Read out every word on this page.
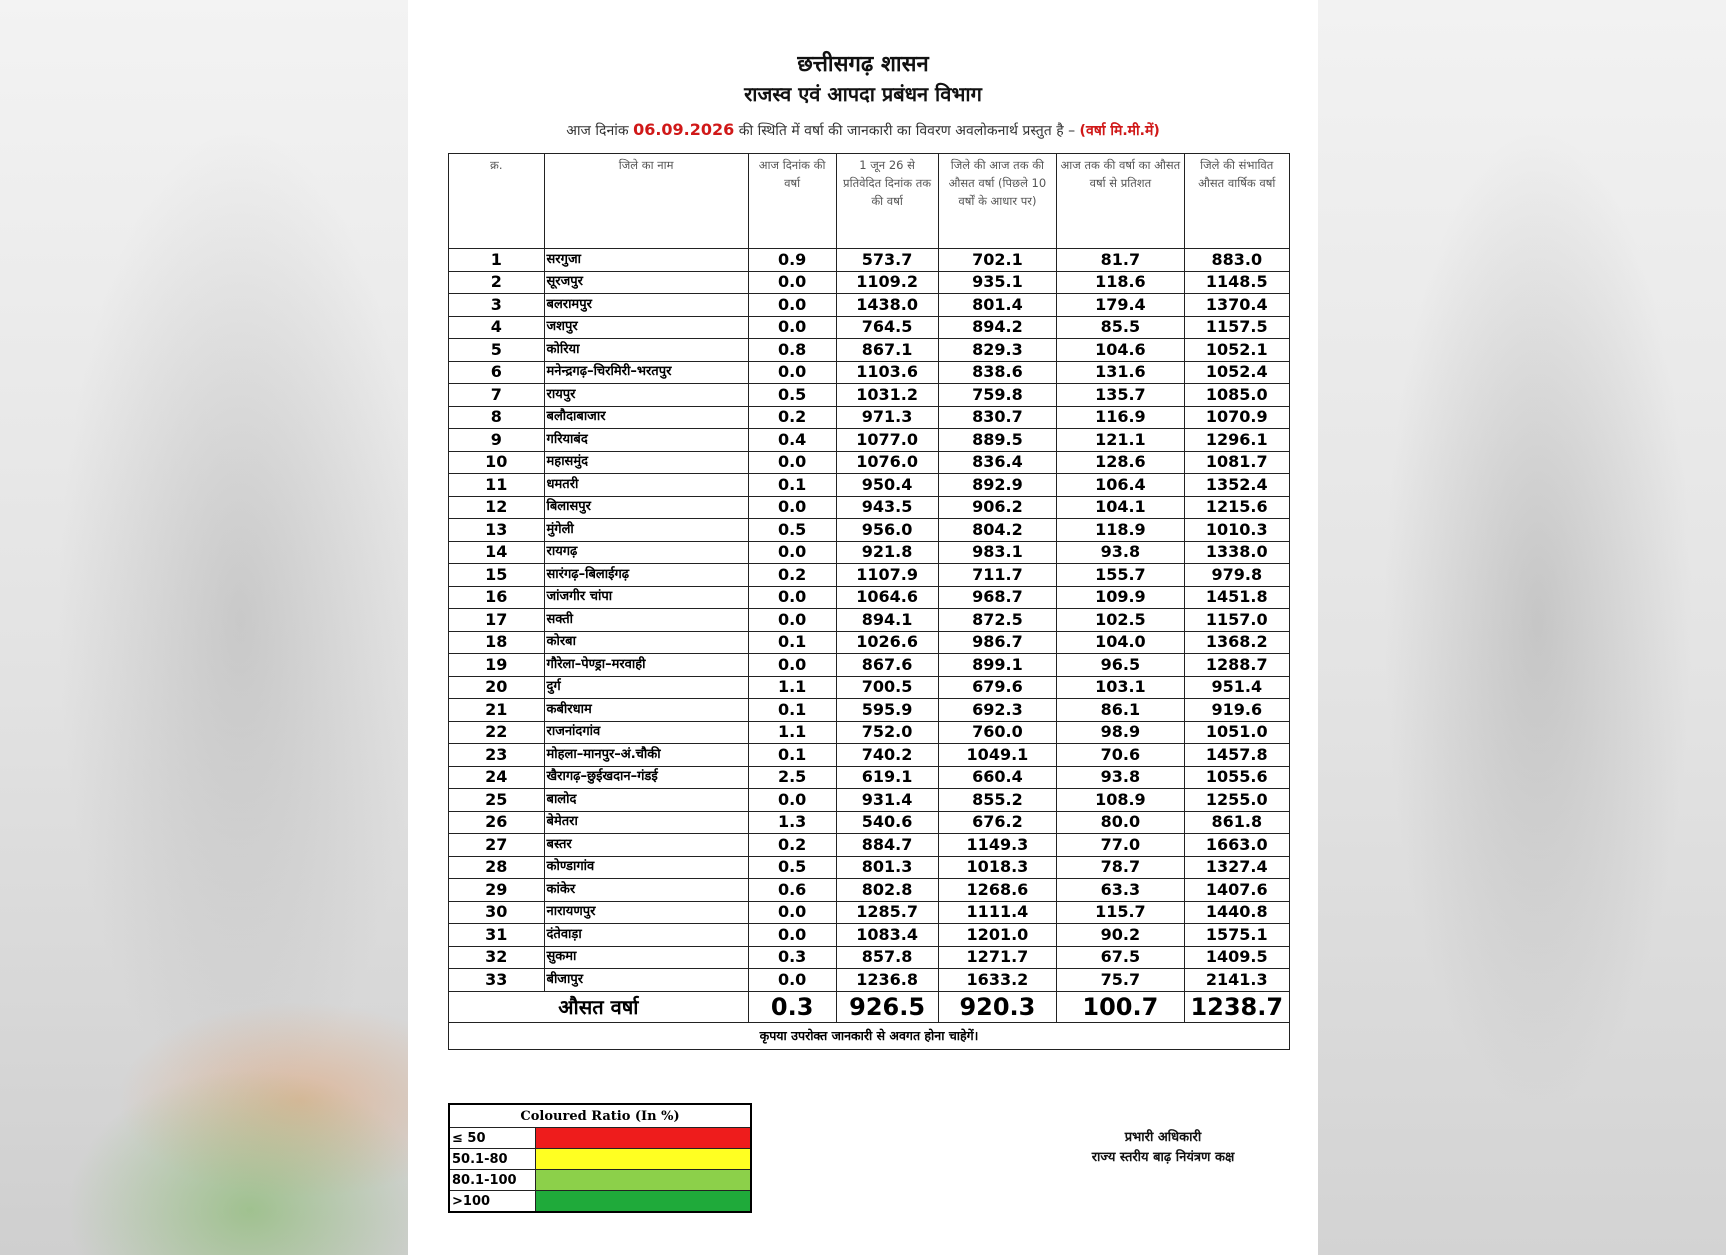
छत्तीसगढ़ शासन
राजस्व एवं आपदा प्रबंधन विभाग
आज दिनांक 06.09.2026 की स्थिति में वर्षा की जानकारी का विवरण अवलोकनार्थ प्रस्तुत है – (वर्षा मि.मी.में)
क्र.	जिले का नाम	आज दिनांक की वर्षा	1 जून 26 से प्रतिवेदित दिनांक तक की वर्षा	जिले की आज तक की औसत वर्षा (पिछले 10 वर्षों के आधार पर)	आज तक की वर्षा का औसत वर्षा से प्रतिशत	जिले की संभावित औसत वार्षिक वर्षा
1	सरगुजा	0.9	573.7	702.1	81.7	883.0
2	सूरजपुर	0.0	1109.2	935.1	118.6	1148.5
3	बलरामपुर	0.0	1438.0	801.4	179.4	1370.4
4	जशपुर	0.0	764.5	894.2	85.5	1157.5
5	कोरिया	0.8	867.1	829.3	104.6	1052.1
6	मनेन्द्रगढ़–चिरमिरी–भरतपुर	0.0	1103.6	838.6	131.6	1052.4
7	रायपुर	0.5	1031.2	759.8	135.7	1085.0
8	बलौदाबाजार	0.2	971.3	830.7	116.9	1070.9
9	गरियाबंद	0.4	1077.0	889.5	121.1	1296.1
10	महासमुंद	0.0	1076.0	836.4	128.6	1081.7
11	धमतरी	0.1	950.4	892.9	106.4	1352.4
12	बिलासपुर	0.0	943.5	906.2	104.1	1215.6
13	मुंगेली	0.5	956.0	804.2	118.9	1010.3
14	रायगढ़	0.0	921.8	983.1	93.8	1338.0
15	सारंगढ़–बिलाईगढ़	0.2	1107.9	711.7	155.7	979.8
16	जांजगीर चांपा	0.0	1064.6	968.7	109.9	1451.8
17	सक्ती	0.0	894.1	872.5	102.5	1157.0
18	कोरबा	0.1	1026.6	986.7	104.0	1368.2
19	गौरेला–पेण्ड्रा–मरवाही	0.0	867.6	899.1	96.5	1288.7
20	दुर्ग	1.1	700.5	679.6	103.1	951.4
21	कबीरधाम	0.1	595.9	692.3	86.1	919.6
22	राजनांदगांव	1.1	752.0	760.0	98.9	1051.0
23	मोहला–मानपुर–अं.चौकी	0.1	740.2	1049.1	70.6	1457.8
24	खैरागढ़–छुईखदान–गंडई	2.5	619.1	660.4	93.8	1055.6
25	बालोद	0.0	931.4	855.2	108.9	1255.0
26	बेमेतरा	1.3	540.6	676.2	80.0	861.8
27	बस्तर	0.2	884.7	1149.3	77.0	1663.0
28	कोण्डागांव	0.5	801.3	1018.3	78.7	1327.4
29	कांकेर	0.6	802.8	1268.6	63.3	1407.6
30	नारायणपुर	0.0	1285.7	1111.4	115.7	1440.8
31	दंतेवाड़ा	0.0	1083.4	1201.0	90.2	1575.1
32	सुकमा	0.3	857.8	1271.7	67.5	1409.5
33	बीजापुर	0.0	1236.8	1633.2	75.7	2141.3
औसत वर्षा		0.3	926.5	920.3	100.7	1238.7
कृपया उपरोक्त जानकारी से अवगत होना चाहेगें।						
Coloured Ratio (In %)	
≤ 50	
50.1-80	
80.1-100	
>100	
प्रभारी अधिकारी
राज्य स्तरीय बाढ़ नियंत्रण कक्ष
